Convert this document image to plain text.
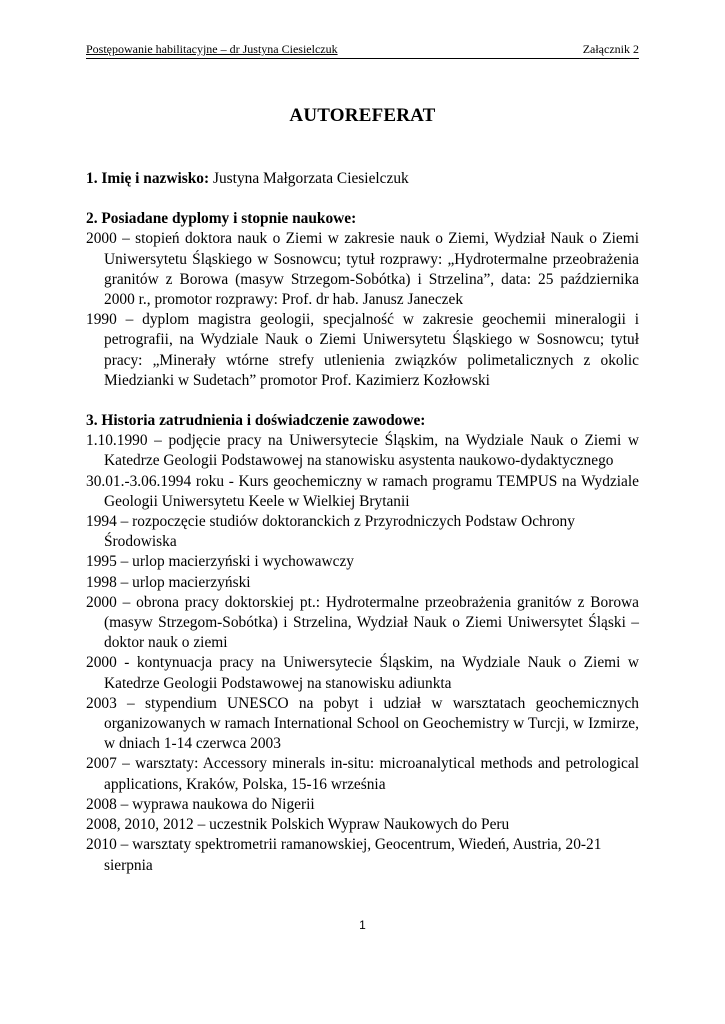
Postępowanie habilitacyjne – dr Justyna Ciesielczuk	Załącznik 2
AUTOREFERAT

1. Imię i nazwisko: Justyna Małgorzata Ciesielczuk

2. Posiadane dyplomy i stopnie naukowe:

2000 – stopień doktora nauk o Ziemi w zakresie nauk o Ziemi, Wydział Nauk o Ziemi Uniwersytetu Śląskiego w Sosnowcu; tytuł rozprawy: „Hydrotermalne przeobrażenia granitów z Borowa (masyw Strzegom-Sobótka) i Strzelina”, data: 25 października 2000 r., promotor rozprawy: Prof. dr hab. Janusz Janeczek

1990 – dyplom magistra geologii, specjalność w zakresie geochemii mineralogii i petrografii, na Wydziale Nauk o Ziemi Uniwersytetu Śląskiego w Sosnowcu; tytuł pracy: „Minerały wtórne strefy utlenienia związków polimetalicznych z okolic Miedzianki w Sudetach” promotor Prof. Kazimierz Kozłowski

3. Historia zatrudnienia i doświadczenie zawodowe:

1.10.1990 – podjęcie pracy na Uniwersytecie Śląskim, na Wydziale Nauk o Ziemi w Katedrze Geologii Podstawowej na stanowisku asystenta naukowo-dydaktycznego

30.01.-3.06.1994 roku - Kurs geochemiczny w ramach programu TEMPUS na Wydziale Geologii Uniwersytetu Keele w Wielkiej Brytanii

1994 – rozpoczęcie studiów doktoranckich z Przyrodniczych Podstaw Ochrony Środowiska

1995 – urlop macierzyński i wychowawczy

1998 – urlop macierzyński

2000 – obrona pracy doktorskiej pt.: Hydrotermalne przeobrażenia granitów z Borowa (masyw Strzegom-Sobótka) i Strzelina, Wydział Nauk o Ziemi Uniwersytet Śląski – doktor nauk o ziemi

2000 - kontynuacja pracy na Uniwersytecie Śląskim, na Wydziale Nauk o Ziemi w Katedrze Geologii Podstawowej na stanowisku adiunkta

2003 – stypendium UNESCO na pobyt i udział w warsztatach geochemicznych organizowanych w ramach International School on Geochemistry w Turcji, w Izmirze, w dniach 1-14 czerwca 2003

2007 – warsztaty: Accessory minerals in-situ: microanalytical methods and petrological applications, Kraków, Polska, 15-16 września

2008 – wyprawa naukowa do Nigerii

2008, 2010, 2012 – uczestnik Polskich Wypraw Naukowych do Peru

2010 – warsztaty spektrometrii ramanowskiej, Geocentrum, Wiedeń, Austria, 20-21 sierpnia

1
